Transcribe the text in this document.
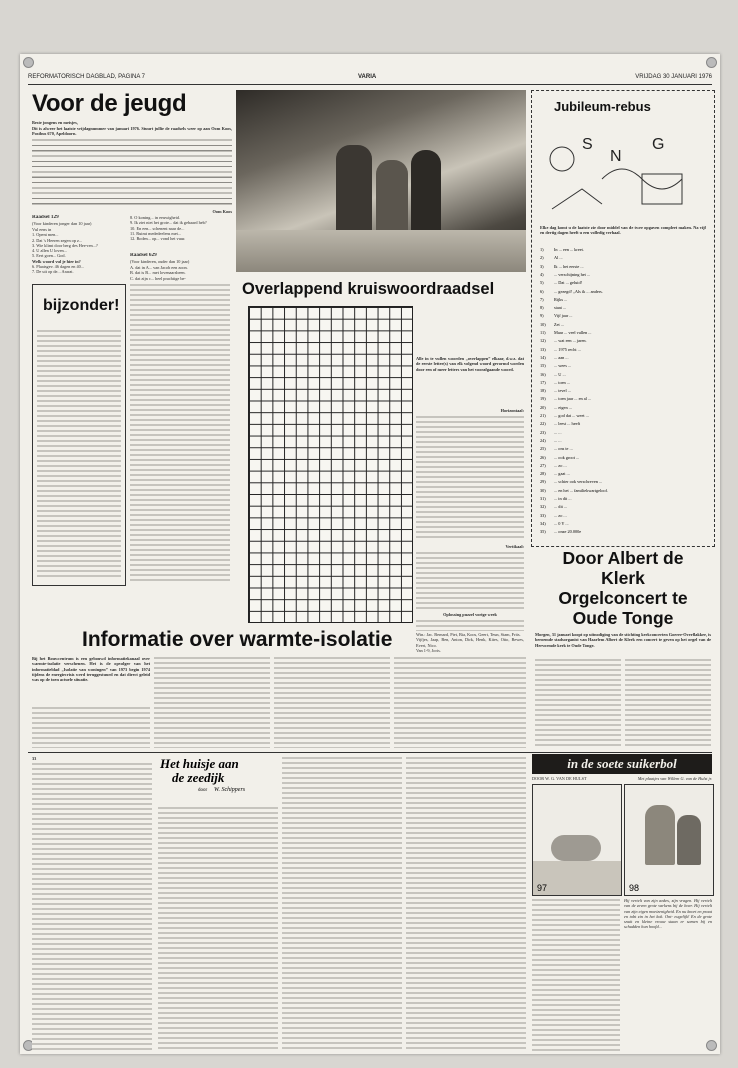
REFORMATORISCH DAGBLAD, PAGINA 7	VARIA	VRIJDAG 30 JANUARI 1976
Voor de jeugd
Beste jongens en meisjes,
Dit is alweer het laatste vrijdagnummer van januari 1976. Stuurt jullie de raadsels weer op aan Oom Koos, Postbus 670, Apeldoorn.
Oom Koos
Raadsel 129
(Voor kinderen jonger dan 10 jaar)
Vul eens in
1. Opent men...
2. Dat 's Heeren zegen op z...
3. Wie klimt door berg des Hee-ren...?
4. U allen U loven...
5. Eert goen... God.
Welk woord vul je hier in?
6. Plaatsgev. 46 dagen en 40...
7. De uit op de... Ararat.
8. O koning... in eeuwigheid.
9. Ik ziet niet het grote... dat ik gebaard heb?
10. En een... schenent naar de...
11. Ruimt mededeelens met...
12. Boden... op... vond het vuur.
Raadsel 629
(Voor kinderen, ouder dan 10 jaar)
A. dat in A... van Jacob een zoon.
B. dat is B... met lovenaarsbeen.
C. dat zijn c... heel prachtige be-
bijzonder!
Overlappend kruiswoordraadsel
Alle in te vullen woorden „overlappen” elkaar, d.w.z. dat de eerste letter(s) van elk volgend woord gevormd worden door een of meer letters van het voorafgaande woord.
Horizontaal:
Vertikaal:
Oplossing puzzel vorige week
Win.: Jac. Bernard, Piet, Bia, Koos, Geert, Teun, Stam, Frits.
Vijfjes, Jaap, Ben, Anton, Dirk, Henk, Kites, Otto, Bewes, Evert, Nico.
Van 1-9, Joris.
Jubileum-rebus
S
N
G
Elke dag komt u de laatste zie door middel van de twee opgaven compleet maken. Na vijf en dertig dagen heeft u een volledig verhaal.
1) In ... een ... kreet.
2) Al ...
3) Ik ... het eerste ...
4) ... verschijning het ...
5) ... Dat ... geluid!
6) ... gezegd! „Als ik ... anders.
7) Rijks ...
8) staat ...
9) Vijf jaar ...
10) Zet ...
11) Maar ... veel vallen ...
12) ... wat een ... jaren.
13) ... 1975 recht ...
14) ... aan ...
15) ... wees ...
16) ... U ...
17) ... toen ...
18) ... tevel ...
19) ... toen jaar ... en al ...
20) ... eigen ...
21) ... god dat ... weet ...
22) ... leest ... heeft
23) ... ...
24) ... ...
25) ... ons te ...
26) ... ook groot ...
27) ... zo ...
28) ... gaat ...
29) ... schier ook verschreven ...
30) ... en het ... familiekwartgeloof.
31) ... in dit ...
32) ... dit ...
33) ... zo ...
34) ... 0 Y ...
35) ... onze 20.000e
Door Albert de
Klerk
Orgelconcert te
Oude Tonge
Morgen, 31 januari koopt op uitnodiging van de stichting kerkconcerten Goeree-Overflakkee, is beroemde stadsorganist van Haarlem Albert de Klerk een concert te geven op het orgel van de Hervormde kerk te Oude Tonge.
Informatie over warmte-isolatie
Bij het Bouwcentrum is een gebouwd informatiekanaal over warmte-isolatie verschenen. Het is de opvolger van het informatieblad „Isolatie van woningen” van 1973 begin 1974 tijdens de energiecrisis werd teruggestuurd en dat direct geleid was op de toen actuele situatie.
33	Het huisje aan
de zeedijk
door W. Schippers
in de soete suikerbol
DOOR W. G. VAN DE HULST	Met plaatjes van Willem G. van de Hulst jr.
97	98
Hij vertelt van zijn ankes, zijn vragen. Hij vertelt van de zeven grote varkens bij de boer. Hij vertelt van zijn eigen moeizenigheid. En nu knort en praat en tobt zin in het kok. Ont- eugelijk! En de grote snuit en kleine vrouw staan er samen bij en schudden hun hoofd...
